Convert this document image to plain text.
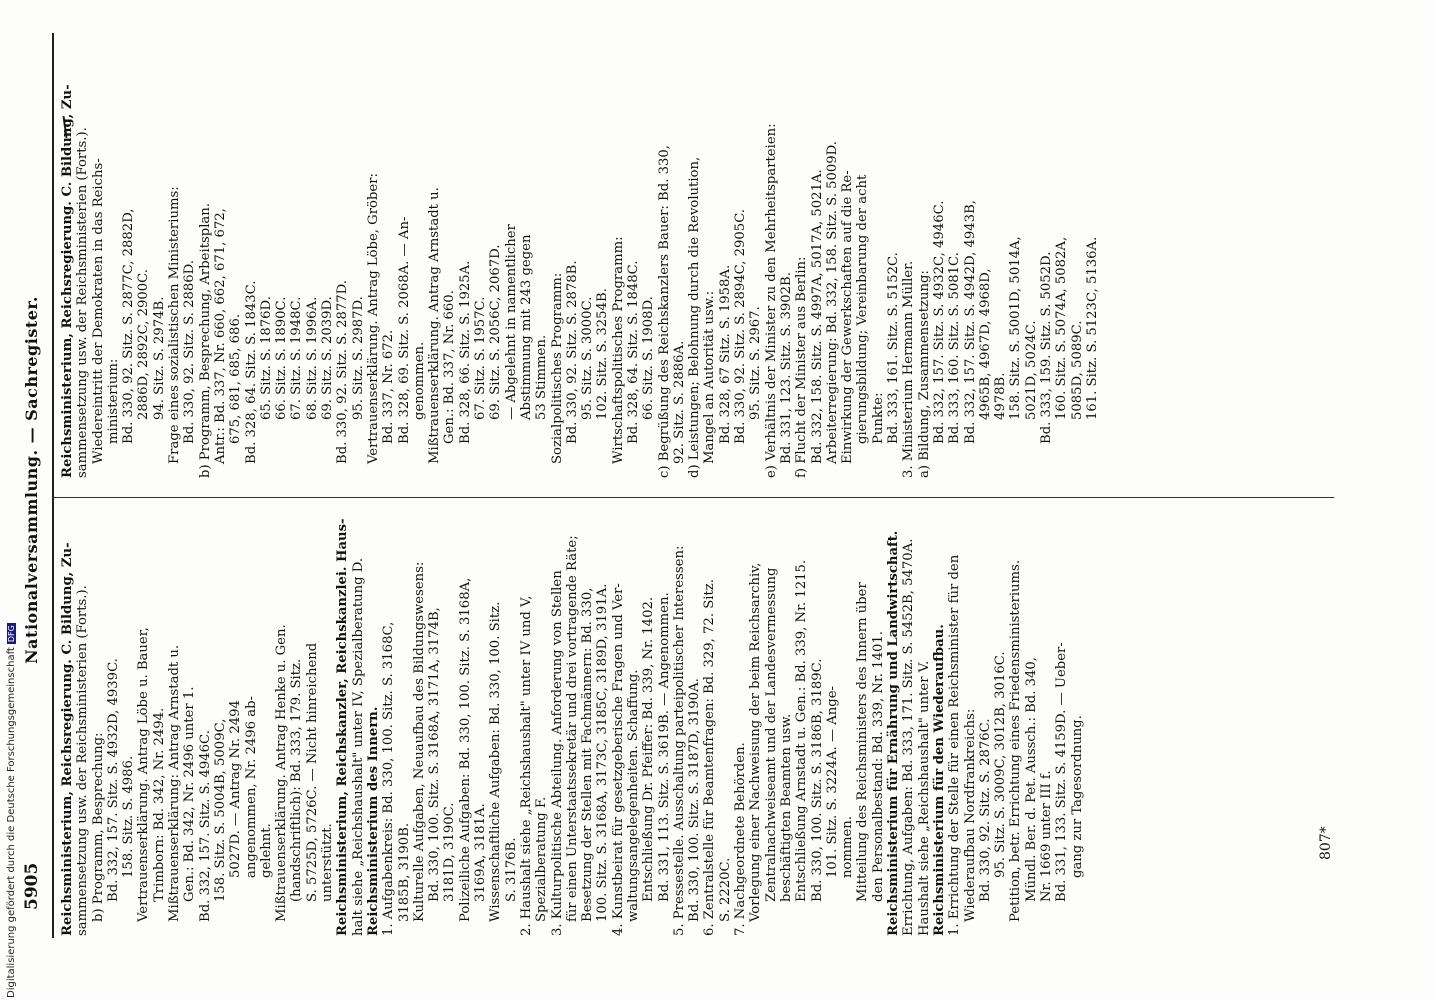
Nationalversammlung. — Sachregister.
5905 Reichsministerium, Reichsregierung. C. Bildung, Zu- sammensetzung usw. der Reichsministerien (Forts.). b) Programm, Besprechung: Bd. 332, 157. Sitz. S. 4932D, 4939C. 158. Sitz. S. 4986. Vertrauenserklärung. Antrag Löbe u. Bauer, Trimborn: Bd. 342, Nr. 2494. Mißtrauenserklärung: Antrag Arnstadt u. Gen.: Bd. 342, Nr. 2496 unter 1. Bd. 332, 157. Sitz. S. 4946C. 158. Sitz. S. 5004B, 5009C, 5027D. — Antrag Nr. 2494 angenommen, Nr. 2496 ab- gelehnt. Mißtrauenserklärung. Antrag Henke u. Gen. (handschriftlich): Bd. 333, 179. Sitz. S. 5725D, 5726C. — Nicht hinreichend unterstützt. Reichsministerium, Reichskanzler, Reichskanzlei. Haus- halt siehe „Reichshaushalt" unter IV, Spezialberatung D. Reichsministerium des Innern. 1. Aufgabenkreis: Bd. 330, 100. Sitz. S. 3168C, 3185B, 3190B. Kulturelle Aufgaben, Neuaufbau des Bildungswesens: Bd. 330, 100. Sitz. S. 3168A, 3171A, 3174B, 3181D, 3190C. Polizeiliche Aufgaben: Bd. 330, 100. Sitz. S. 3168A, 3169A, 3181A. Wissenschaftliche Aufgaben: Bd. 330, 100. Sitz. S. 3176B. 2. Haushalt siehe „Reichshaushalt" unter IV und V, Spezialberatung F. 3. Kulturpolitische Abteilung. Anforderung von Stellen für einen Unterstaatssekretär und drei vortragende Räte; Besetzung der Stellen mit Fachmännern: Bd. 330, 100. Sitz. S. 3168A, 3173C, 3185C, 3189D, 3191A. 4. Kunstbeirat für gesetzgeberische Fragen und Ver- waltungsangelegenheiten. Schaffung. Entschließung Dr. Pfeiffer: Bd. 339, Nr. 1402. Bd. 331, 113. Sitz. S. 3619B. — Angenommen. 5. Pressestelle. Ausschaltung parteipolitischer Interessen: Bd. 330, 100. Sitz. S. 3187D, 3190A. 6. Zentralstelle für Beamtenfragen: Bd. 329, 72. Sitz. S. 2220C. 7. Nachgeordnete Behörden. Vorlegung einer Nachweisung der beim Reichsarchiv, Zentralnachweiseamt und der Landesvermessung beschäftigten Beamten usw. Entschließung Arnstadt u. Gen.: Bd. 339, Nr. 1215. Bd. 330, 100. Sitz. S. 3186B, 3189C. 101. Sitz. S. 3224A. — Ange- nommen. Mitteilung des Reichsministers des Innern über den Personalbestand: Bd. 339, Nr. 1401. Reichsministerium für Ernährung und Landwirtschaft. Errichtung, Aufgaben: Bd. 333, 171. Sitz. S. 5452B, 5470A. Haushalt siehe „Reichshaushalt" unter V. Reichsministerium für den Wiederaufbau. 1. Errichtung der Stelle für einen Reichsminister für den Wiederaufbau Nordfrankreichs: Bd. 330, 92. Sitz. S. 2876C. 95. Sitz. S. 3009C, 3012B, 3016C. Petition, betr. Errichtung eines Friedensministeriums. Mündl. Ber. d. Pet. Aussch.: Bd. 340, Nr. 1669 unter III f. Bd. 331, 133. Sitz. S. 4159D. — Ueber- gang zur Tagesordnung.

Reichsministerium, Reichsregierung. C. Bildung, Zu- sammensetzung usw. der Reichsministerien (Forts.). Wiedereintritt der Demokraten in das Reichs- ministerium: Bd. 330, 92. Sitz. S. 2877C, 2882D, 2886D, 2892C, 2900C. 94. Sitz. S. 2974B. Frage eines sozialistischen Ministeriums: Bd. 330, 92. Sitz. S. 2886D. b) Programm, Besprechung, Arbeitsplan. Antr.: Bd. 337, Nr. 660, 662, 671, 672, 675, 681, 685, 686. Bd. 328, 64. Sitz. S. 1843C. 65. Sitz. S. 1876D. 66. Sitz. S. 1890C. 67. Sitz. S. 1948C. 68. Sitz. S. 1996A. 69. Sitz. S. 2039D. Bd. 330, 92. Sitz. S. 2877D. 95. Sitz. S. 2987D. Vertrauenserklärung. Antrag Löbe, Gröber: Bd. 337, Nr. 672. Bd. 328, 69. Sitz. S. 2068A. — An- genommen. Mißtrauenserklärung. Antrag Arnstadt u. Gen.: Bd. 337, Nr. 660. Bd. 328, 66. Sitz. S. 1925A. 67. Sitz. S. 1957C. 69. Sitz. S. 2056C, 2067D. — Abgelehnt in namentlicher Abstimmung mit 243 gegen 53 Stimmen. Sozialpolitisches Programm: Bd. 330, 92. Sitz. S. 2878B. 95. Sitz. S. 3000C. 102. Sitz. S. 3254B. Wirtschaftspolitisches Programm: Bd. 328, 64. Sitz. S. 1848C. 66. Sitz. S. 1908D. c) Begrüßung des Reichskanzlers Bauer: Bd. 330, 92. Sitz. S. 2886A. d) Leistungen; Belohnung durch die Revolution, Mangel an Autorität usw.: Bd. 328, 67 Sitz. S. 1958A. Bd. 330, 92. Sitz. S. 2894C, 2905C. 95. Sitz. S. 2967. e) Verhältnis der Minister zu den Mehrheitsparteien: Bd. 331, 123. Sitz. S. 3902B. f) Flucht der Minister aus Berlin: Bd. 332, 158. Sitz. S. 4997A, 5017A, 5021A. Arbeiterregierung: Bd. 332, 158. Sitz. S. 5009D. Einwirkung der Gewerkschaften auf die Re- gierungsbildung; Vereinbarung der acht Punkte: Bd. 333, 161. Sitz. S. 5152C. 3. Ministerium Hermann Müller. a) Bildung, Zusammensetzung: Bd. 332, 157. Sitz. S. 4932C, 4946C. Bd. 333, 160. Sitz. S. 5081C. Bd. 332, 157. Sitz. S. 4942D, 4943B, 4965B, 4967D, 4968D, 4978B. 158. Sitz. S. 5001D, 5014A, 5021D, 5024C. Bd. 333, 159. Sitz. S. 5052D. 160. Sitz. S. 5074A, 5082A, 5085D, 5089C. 161. Sitz. S. 5123C, 5136A.

807*
Digitalisierung gefördert durch die Deutsche ForschungsgemeinschaftDFG
